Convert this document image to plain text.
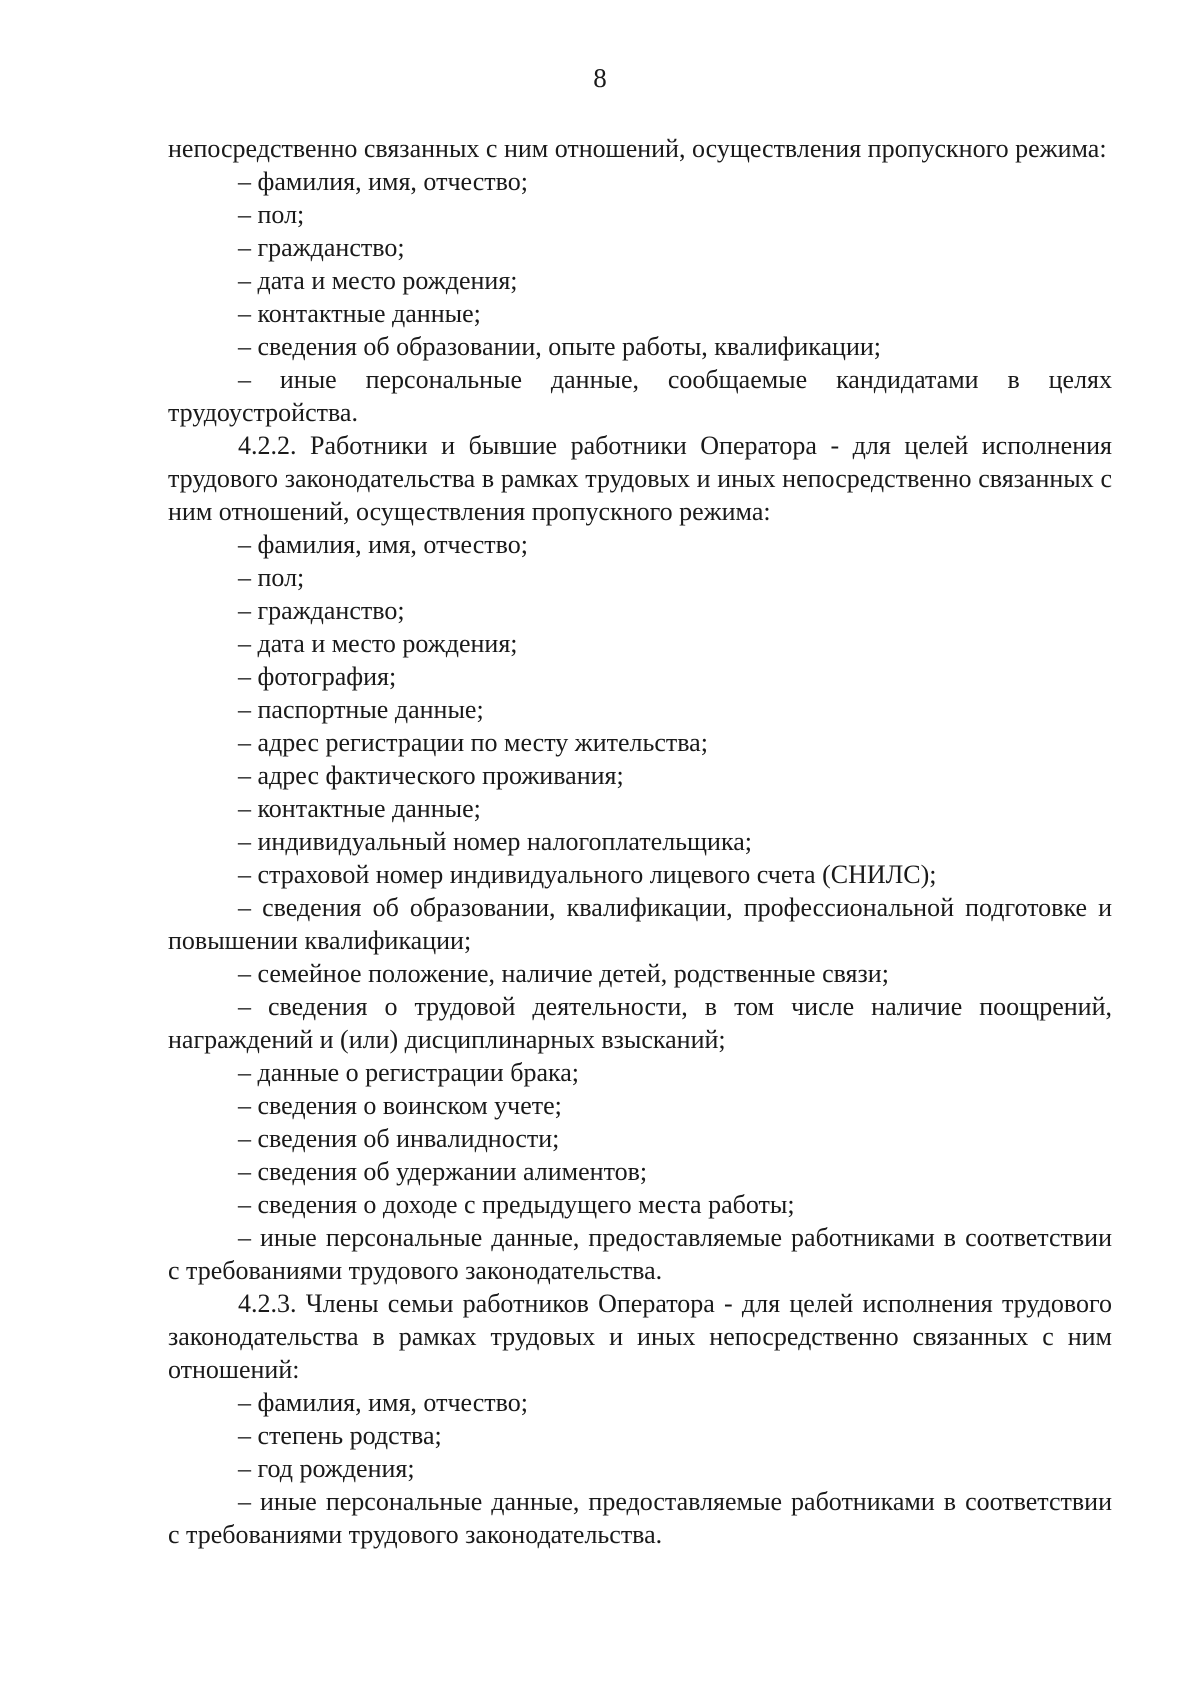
8

непосредственно связанных с ним отношений, осуществления пропускного режима:

– фамилия, имя, отчество;

– пол;

– гражданство;

– дата и место рождения;

– контактные данные;

– сведения об образовании, опыте работы, квалификации;

– иные персональные данные, сообщаемые кандидатами в целях трудоустройства.

4.2.2. Работники и бывшие работники Оператора - для целей исполнения трудового законодательства в рамках трудовых и иных непосредственно связанных с ним отношений, осуществления пропускного режима:

– фамилия, имя, отчество;

– пол;

– гражданство;

– дата и место рождения;

– фотография;

– паспортные данные;

– адрес регистрации по месту жительства;

– адрес фактического проживания;

– контактные данные;

– индивидуальный номер налогоплательщика;

– страховой номер индивидуального лицевого счета (СНИЛС);

– сведения об образовании, квалификации, профессиональной подготовке и повышении квалификации;

– семейное положение, наличие детей, родственные связи;

– сведения о трудовой деятельности, в том числе наличие поощрений, награждений и (или) дисциплинарных взысканий;

– данные о регистрации брака;

– сведения о воинском учете;

– сведения об инвалидности;

– сведения об удержании алиментов;

– сведения о доходе с предыдущего места работы;

– иные персональные данные, предоставляемые работниками в соответствии с требованиями трудового законодательства.

4.2.3. Члены семьи работников Оператора - для целей исполнения трудового законодательства в рамках трудовых и иных непосредственно связанных с ним отношений:

– фамилия, имя, отчество;

– степень родства;

– год рождения;

– иные персональные данные, предоставляемые работниками в соответствии с требованиями трудового законодательства.
